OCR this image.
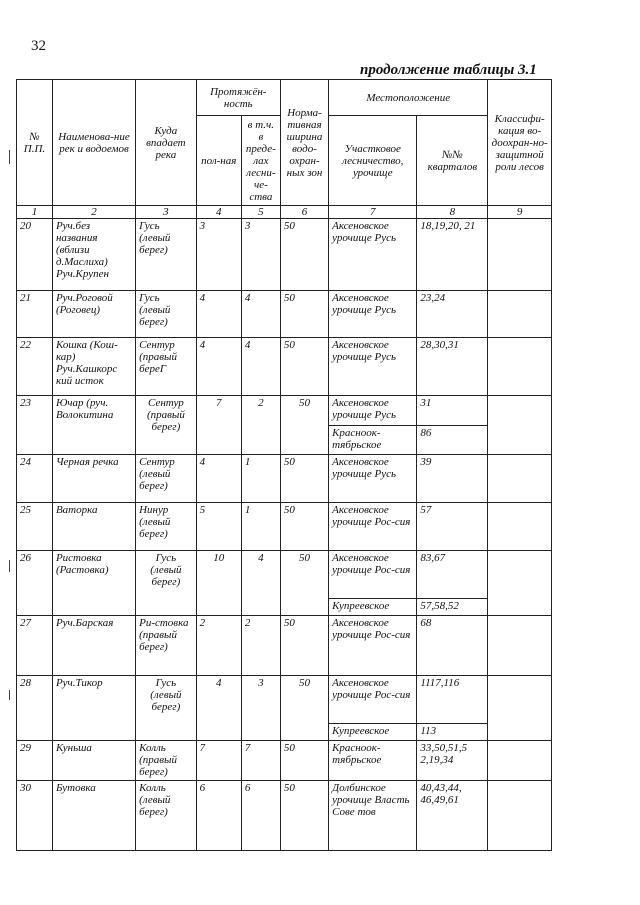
32
продолжение таблицы 3.1
№ П.П.	Наименова-ние рек и водоемов	Куда впадает река	Протяжён-ность		Норма-тивная ширина водо-охран-ных зон	Местоположение		Классифи-кация во-доохран-но-защитной роли лесов
			пол-ная	в т.ч. в преде-лах лесни-че-ства		Участковое лесничество, урочище	№№ кварталов	
1	2	3	4	5	6	7	8	9
20	Руч.без названия (вблизи д.Маслиха) Руч.Крупен	Гусь (левый берег)	3	3	50	Аксеновское урочище Русь	18,19,20, 21	
21	Руч.Роговой (Роговец)	Гусь (левый берег)	4	4	50	Аксеновское урочище Русь	23,24	
22	Кошка (Кош-кар) Руч.Кашкорс кий исток	Сентур (правый береГ	4	4	50	Аксеновское урочище Русь	28,30,31	
23	Ючар (руч. Волокитина	Сентур (правый берег)	7	2	50	Аксеновское урочище Русь	31	
						Красноок-тябрьское	86	
24	Черная речка	Сентур (левый берег)	4	1	50	Аксеновское урочище Русь	39	
25	Ваторка	Нинур (левый берег)	5	1	50	Аксеновское урочище Рос-сия	57	
26	Ристовка (Растовка)	Гусь (левый берег)	10	4	50	Аксеновское урочище Рос-сия	83,67	
						Купреевское	57,58,52	
27	Руч.Барская	Ри-стовка (правый берег)	2	2	50	Аксеновское урочище Рос-сия	68	
28	Руч.Тикор	Гусь (левый берег)	4	3	50	Аксеновское урочище Рос-сия	1117,116	
						Купреевское	113	
29	Куньша	Колль (правый берег)	7	7	50	Красноок-тябрьское	33,50,51,5 2,19,34	
30	Бутовка	Колль (левый берег)	6	6	50	Долбинское урочище Власть Сове тов	40,43,44, 46,49,61	
